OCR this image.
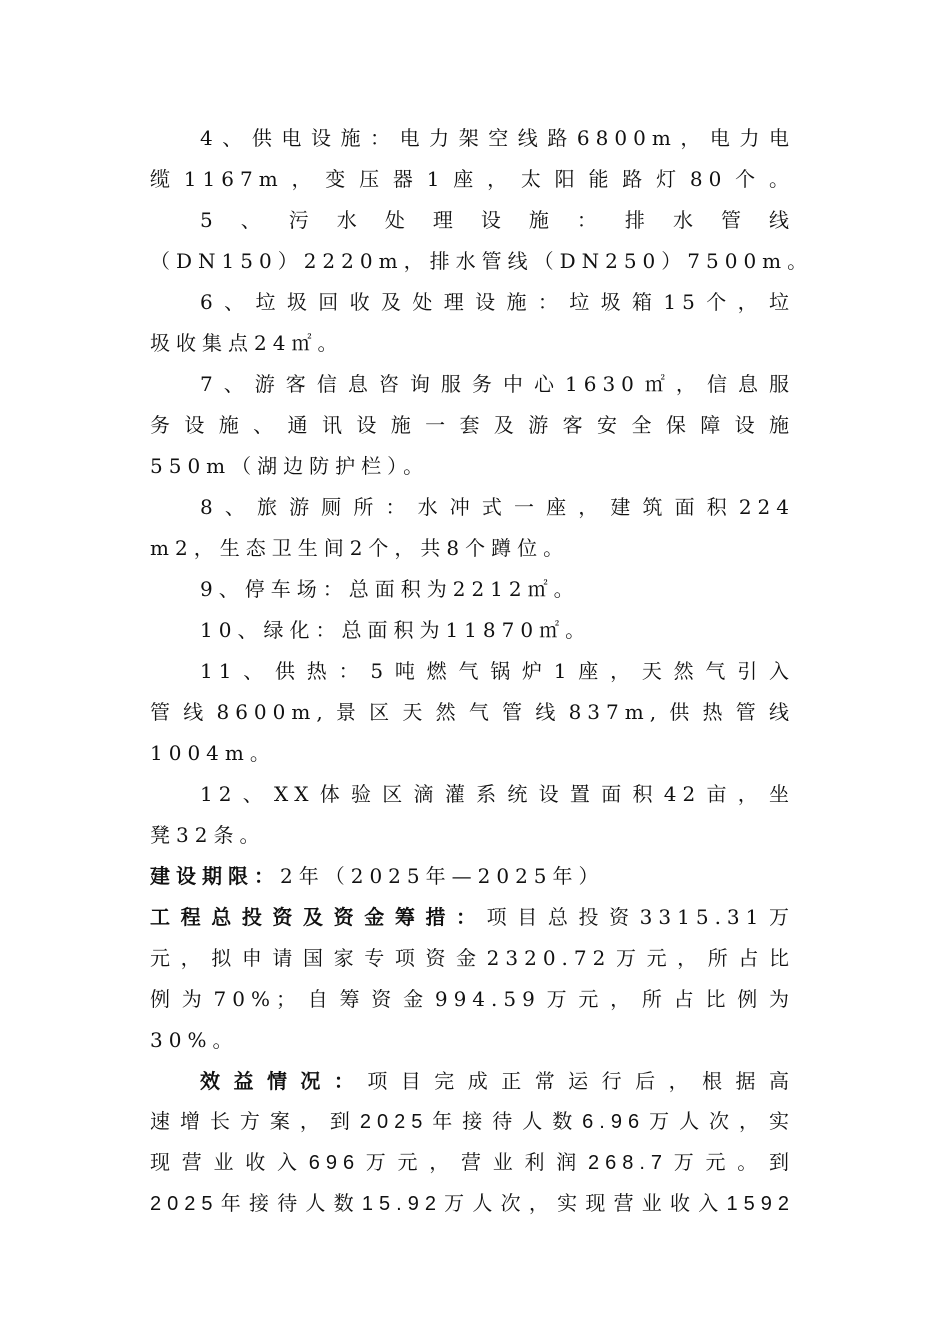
4、供电设施：电力架空线路6800m，电力电
缆1167m，变压器1座，太阳能路灯80个。
5、污水处理设施：排水管线
（DN150）2220m，排水管线（DN250）7500m。
6、垃圾回收及处理设施：垃圾箱15个，垃
圾收集点24㎡。
7、游客信息咨询服务中心1630㎡，信息服
务设施、通讯设施一套及游客安全保障设施
550m（湖边防护栏）。
8、旅游厕所：水冲式一座，建筑面积224
m2，生态卫生间2个，共8个蹲位。
9、停车场：总面积为2212㎡。
10、绿化：总面积为11870㎡。
11、供热：5吨燃气锅炉1座，天然气引入
管线8600m,景区天然气管线837m,供热管线
1004m。
12、XX体验区滴灌系统设置面积42亩，坐
凳32条。
建设期限：2年（2025年—2025年）
工程总投资及资金筹措：项目总投资3315.31万
元，拟申请国家专项资金2320.72万元，所占比
例为70%；自筹资金994.59万元，所占比例为
30%。
效益情况：项目完成正常运行后，根据高
速增长方案，到2025年接待人数6.96万人次，实
现营业收入696万元，营业利润268.7万元。到
2025年接待人数15.92万人次，实现营业收入1592
